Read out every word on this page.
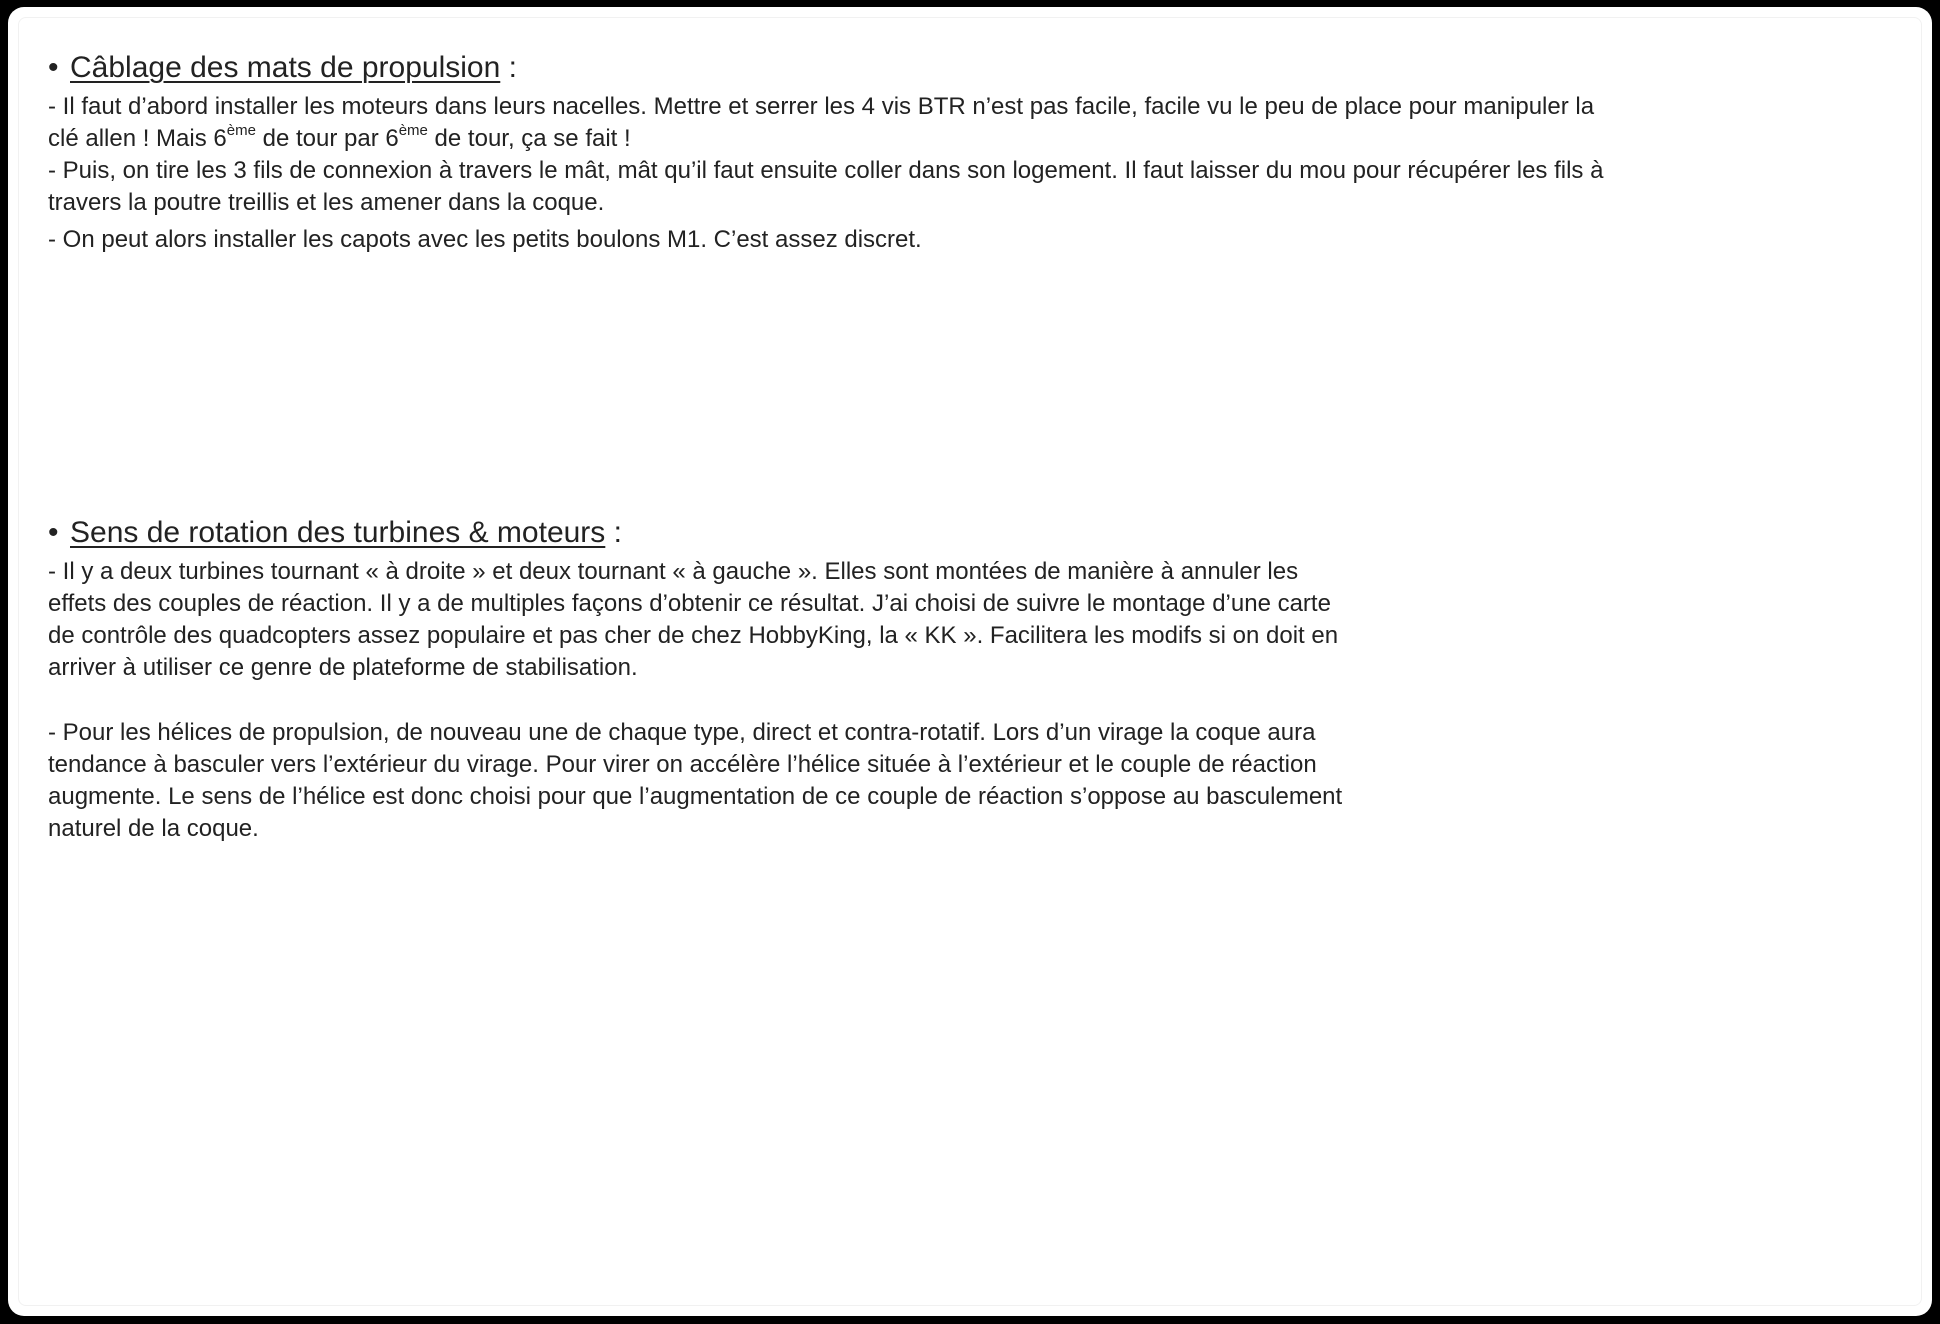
• Câblage des mats de propulsion :
- Il faut d’abord installer les moteurs dans leurs nacelles. Mettre et serrer les 4 vis BTR n’est pas facile, facile vu le peu de place pour manipuler la
clé allen ! Mais 6ème de tour par 6ème de tour, ça se fait !
- Puis, on tire les 3 fils de connexion à travers le mât, mât qu’il faut ensuite coller dans son logement. Il faut laisser du mou pour récupérer les fils à
travers la poutre treillis et les amener dans la coque.
- On peut alors installer les capots avec les petits boulons M1. C’est assez discret.
• Sens de rotation des turbines & moteurs :
- Il y a deux turbines tournant « à droite » et deux tournant « à gauche ». Elles sont montées de manière à annuler les
effets des couples de réaction. Il y a de multiples façons d’obtenir ce résultat. J’ai choisi de suivre le montage d’une carte
de contrôle des quadcopters assez populaire et pas cher de chez HobbyKing, la « KK ». Facilitera les modifs si on doit en
arriver à utiliser ce genre de plateforme de stabilisation.
- Pour les hélices de propulsion, de nouveau une de chaque type, direct et contra-rotatif. Lors d’un virage la coque aura
tendance à basculer vers l’extérieur du virage. Pour virer on accélère l’hélice située à l’extérieur et le couple de réaction
augmente. Le sens de l’hélice est donc choisi pour que l’augmentation de ce couple de réaction s’oppose au basculement
naturel de la coque.
